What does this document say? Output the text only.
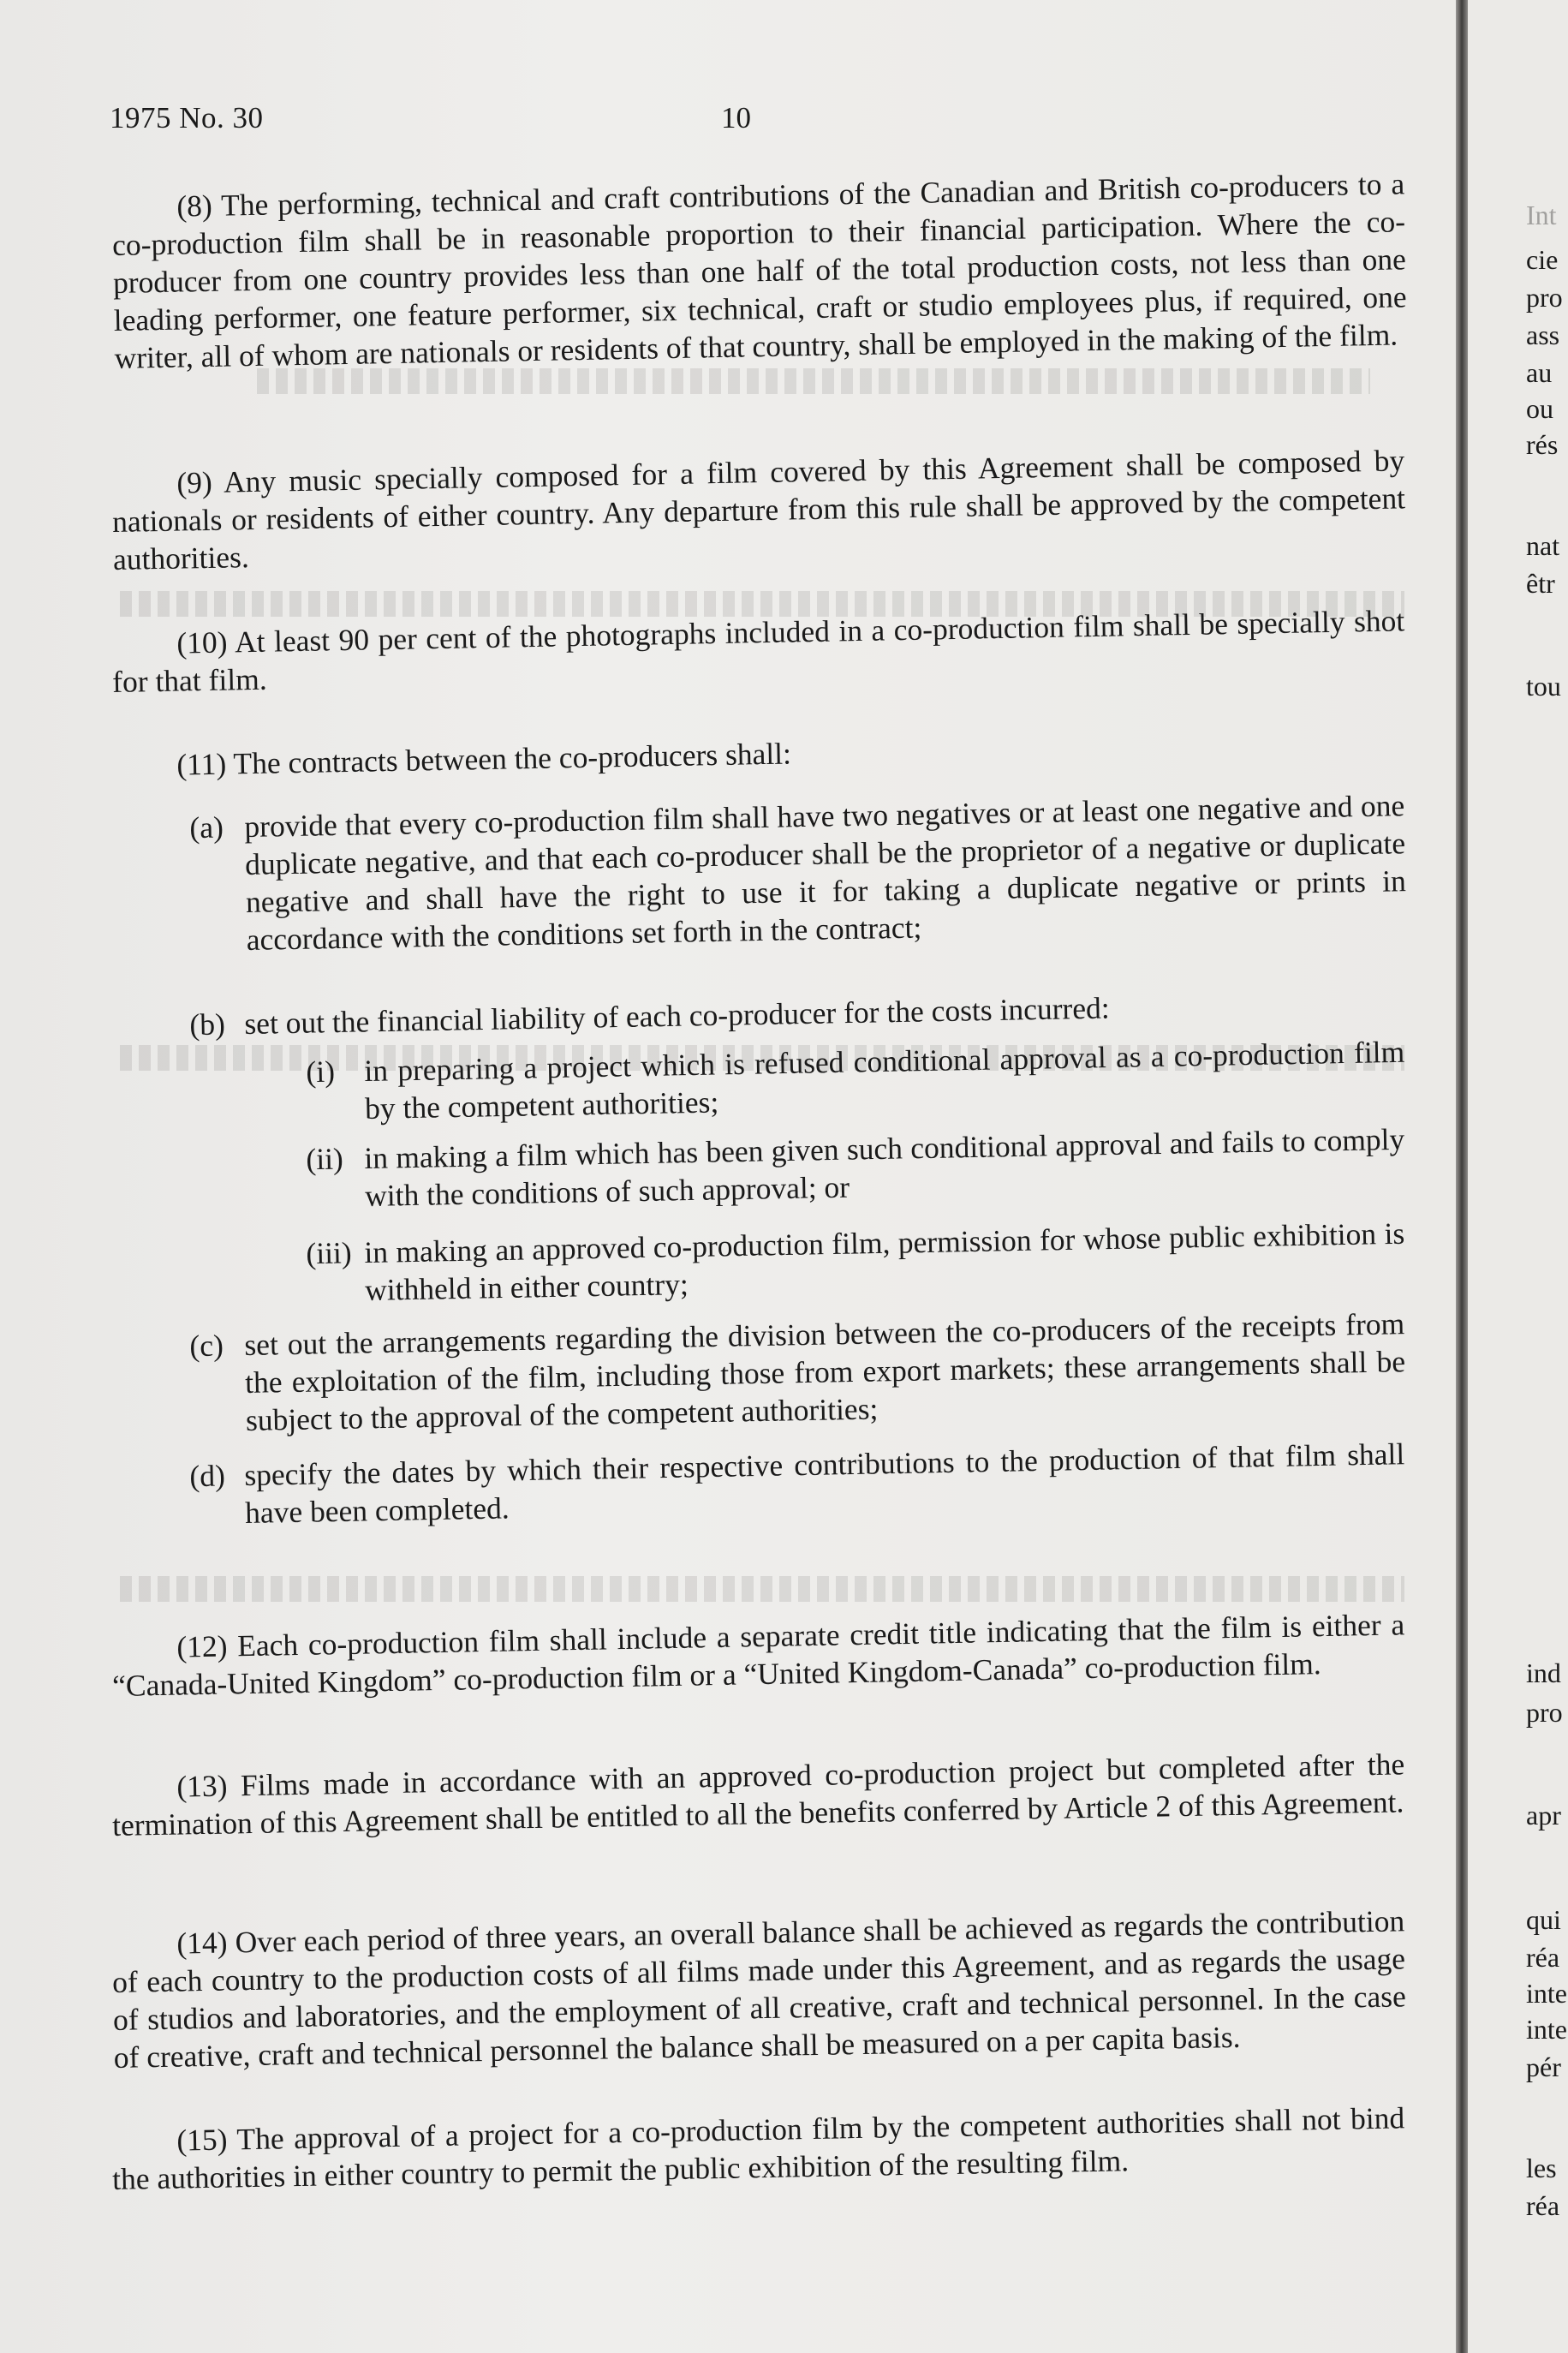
1975 No. 30	10
(8) The performing, technical and craft contributions of the Canadian and British co-producers to a co-production film shall be in reasonable proportion to their financial participation. Where the co-producer from one country provides less than one half of the total production costs, not less than one leading performer, one feature performer, six technical, craft or studio employees plus, if required, one writer, all of whom are nationals or residents of that country, shall be employed in the making of the film.
(9) Any music specially composed for a film covered by this Agreement shall be composed by nationals or residents of either country. Any departure from this rule shall be approved by the competent authorities.
(10) At least 90 per cent of the photographs included in a co-production film shall be specially shot for that film.
(11) The contracts between the co-producers shall:
(a) provide that every co-production film shall have two negatives or at least one negative and one duplicate negative, and that each co-producer shall be the proprietor of a negative or duplicate negative and shall have the right to use it for taking a duplicate negative or prints in accordance with the conditions set forth in the contract;
(b) set out the financial liability of each co-producer for the costs incurred:
(i) in preparing a project which is refused conditional approval as a co-production film by the competent authorities;
(ii) in making a film which has been given such conditional approval and fails to comply with the conditions of such approval; or
(iii) in making an approved co-production film, permission for whose public exhibition is withheld in either country;
(c) set out the arrangements regarding the division between the co-producers of the receipts from the exploitation of the film, including those from export markets; these arrangements shall be subject to the approval of the competent authorities;
(d) specify the dates by which their respective contributions to the production of that film shall have been completed.
(12) Each co-production film shall include a separate credit title indicating that the film is either a “Canada-United Kingdom” co-production film or a “United Kingdom-Canada” co-production film.
(13) Films made in accordance with an approved co-production project but completed after the termination of this Agreement shall be entitled to all the benefits conferred by Article 2 of this Agreement.
(14) Over each period of three years, an overall balance shall be achieved as regards the contribution of each country to the production costs of all films made under this Agreement, and as regards the usage of studios and laboratories, and the employment of all creative, craft and technical personnel. In the case of creative, craft and technical personnel the balance shall be measured on a per capita basis.
(15) The approval of a project for a co-production film by the competent authorities shall not bind the authorities in either country to permit the public exhibition of the resulting film.
Int
cie
pro
ass
au
ou
rés
nat
êtr
tou
ind
pro
apr
qui
réa
inte
inte
pér
les
réa
